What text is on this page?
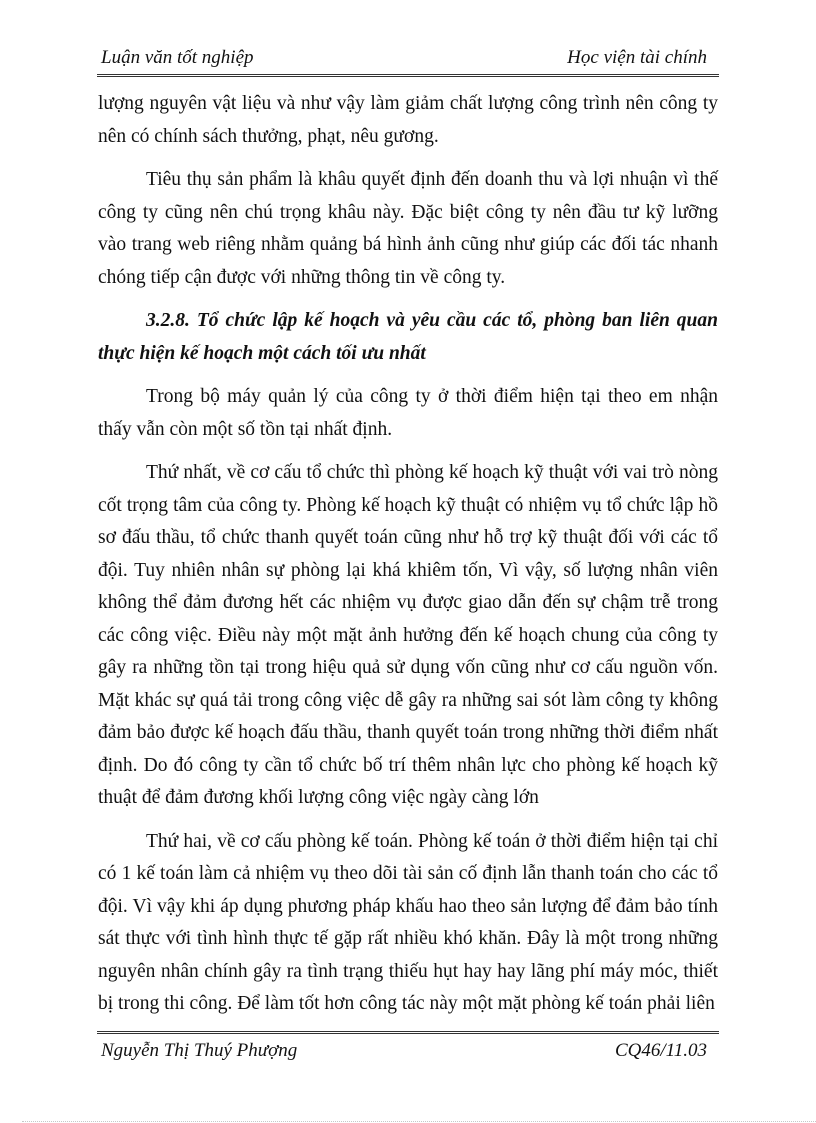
Luận văn tốt nghiệp	Học viện tài chính

lượng nguyên vật liệu và như vậy làm giảm chất lượng công trình nên công ty nên có chính sách thưởng, phạt, nêu gương.

Tiêu thụ sản phẩm là khâu quyết định đến doanh thu và lợi nhuận vì thế công ty cũng nên chú trọng khâu này. Đặc biệt công ty nên đầu tư kỹ lưỡng vào trang web riêng nhằm quảng bá hình ảnh cũng như giúp các đối tác nhanh chóng tiếp cận được với những thông tin về công ty.

3.2.8. Tổ chức lập kế hoạch và yêu cầu các tổ, phòng ban liên quan thực hiện kế hoạch một cách tối ưu nhất

Trong bộ máy quản lý của công ty ở thời điểm hiện tại theo em nhận thấy vẫn còn một số tồn tại nhất định.

Thứ nhất, về cơ cấu tổ chức thì phòng kế hoạch kỹ thuật với vai trò nòng cốt trọng tâm của công ty. Phòng kế hoạch kỹ thuật có nhiệm vụ tổ chức lập hồ sơ đấu thầu, tổ chức thanh quyết toán cũng như hỗ trợ kỹ thuật đối với các tổ đội. Tuy nhiên nhân sự phòng lại khá khiêm tốn, Vì vậy, số lượng nhân viên không thể đảm đương hết các nhiệm vụ được giao dẫn đến sự chậm trễ trong các công việc. Điều này một mặt ảnh hưởng đến kế hoạch chung của công ty gây ra những tồn tại trong hiệu quả sử dụng vốn cũng như cơ cấu nguồn vốn. Mặt khác sự quá tải trong công việc dễ gây ra những sai sót làm công ty không đảm bảo được kế hoạch đấu thầu, thanh quyết toán trong những thời điểm nhất định. Do đó công ty cần tổ chức bố trí thêm nhân lực cho phòng kế hoạch kỹ thuật để đảm đương khối lượng công việc ngày càng lớn

Thứ hai, về cơ cấu phòng kế toán. Phòng kế toán ở thời điểm hiện tại chỉ có 1 kế toán làm cả nhiệm vụ theo dõi tài sản cố định lẫn thanh toán cho các tổ đội. Vì vậy khi áp dụng phương pháp khấu hao theo sản lượng để đảm bảo tính sát thực với tình hình thực tế gặp rất nhiều khó khăn. Đây là một trong những nguyên nhân chính gây ra tình trạng thiếu hụt hay hay lãng phí máy móc, thiết bị trong thi công. Để làm tốt hơn công tác này một mặt phòng kế toán phải liên

Nguyễn Thị Thuý Phượng	CQ46/11.03
